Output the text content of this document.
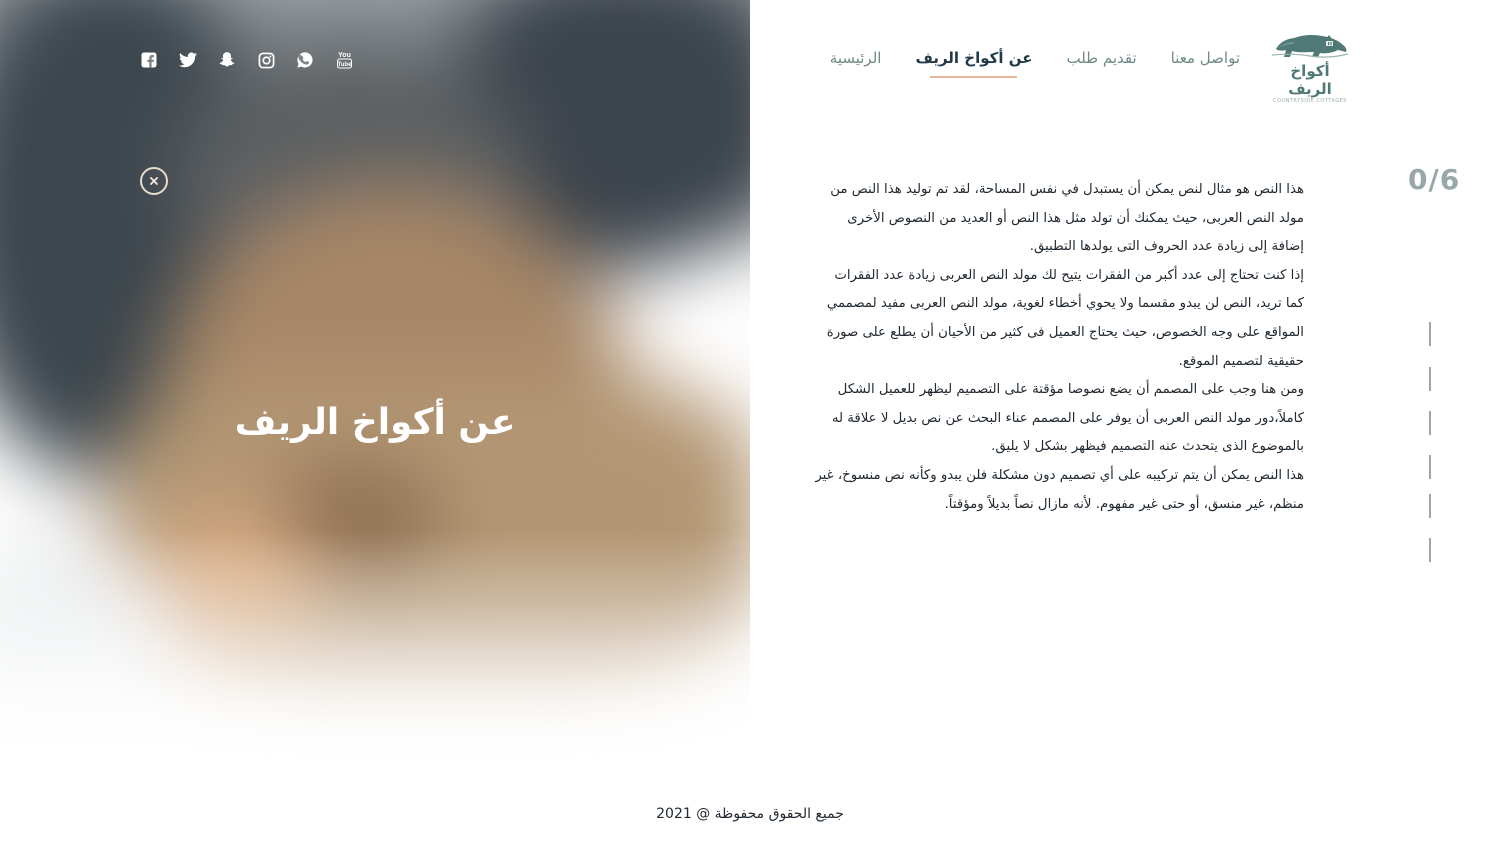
You
Tube
عن أكواخ الريف
أكواخ الريف
COUNTRYSIDE COTTAGES
الرئيسية عن أكواخ الريف تقديم طلب تواصل معنا

هذا النص هو مثال لنص يمكن أن يستبدل في نفس المساحة، لقد تم توليد هذا النص من مولد النص العربى، حيث يمكنك أن تولد مثل هذا النص أو العديد من النصوص الأخرى إضافة إلى زيادة عدد الحروف التى يولدها التطبيق.

إذا كنت تحتاج إلى عدد أكبر من الفقرات يتيح لك مولد النص العربى زيادة عدد الفقرات كما تريد، النص لن يبدو مقسما ولا يحوي أخطاء لغوية، مولد النص العربى مفيد لمصممي المواقع على وجه الخصوص، حيث يحتاج العميل فى كثير من الأحيان أن يطلع على صورة حقيقية لتصميم الموقع.

ومن هنا وجب على المصمم أن يضع نصوصا مؤقتة على التصميم ليظهر للعميل الشكل كاملاً،دور مولد النص العربى أن يوفر على المصمم عناء البحث عن نص بديل لا علاقة له بالموضوع الذى يتحدث عنه التصميم فيظهر بشكل لا يليق.

هذا النص يمكن أن يتم تركيبه على أي تصميم دون مشكلة فلن يبدو وكأنه نص منسوخ، غير منظم، غير منسق، أو حتى غير مفهوم. لأنه مازال نصاً بديلاً ومؤقتاً.

0/6
جميع الحقوق محفوظة @ 2021
